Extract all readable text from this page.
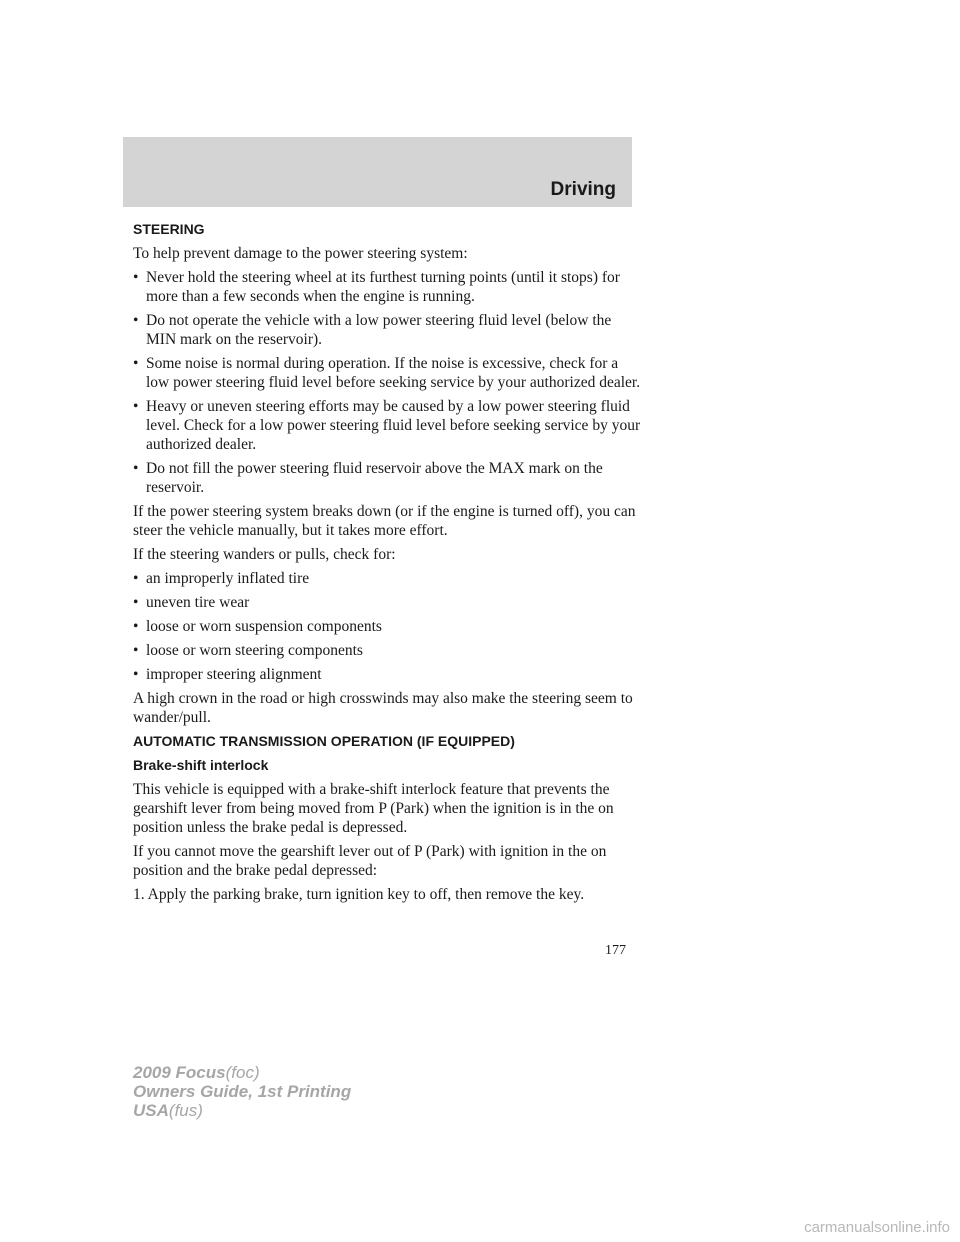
Driving
STEERING

To help prevent damage to the power steering system:

• Never hold the steering wheel at its furthest turning points (until it stops) for more than a few seconds when the engine is running.
• Do not operate the vehicle with a low power steering fluid level (below the MIN mark on the reservoir).
• Some noise is normal during operation. If the noise is excessive, check for a low power steering fluid level before seeking service by your authorized dealer.
• Heavy or uneven steering efforts may be caused by a low power steering fluid level. Check for a low power steering fluid level before seeking service by your authorized dealer.
• Do not fill the power steering fluid reservoir above the MAX mark on the reservoir.

If the power steering system breaks down (or if the engine is turned off), you can steer the vehicle manually, but it takes more effort.

If the steering wanders or pulls, check for:

• an improperly inflated tire
• uneven tire wear
• loose or worn suspension components
• loose or worn steering components
• improper steering alignment

A high crown in the road or high crosswinds may also make the steering seem to wander/pull.

AUTOMATIC TRANSMISSION OPERATION (IF EQUIPPED)
Brake-shift interlock

This vehicle is equipped with a brake-shift interlock feature that prevents the gearshift lever from being moved from P (Park) when the ignition is in the on position unless the brake pedal is depressed.

If you cannot move the gearshift lever out of P (Park) with ignition in the on position and the brake pedal depressed:

1. Apply the parking brake, turn ignition key to off, then remove the key.

177
2009 Focus(foc)
Owners Guide, 1st Printing
USA(fus)
carmanualsonline.info
